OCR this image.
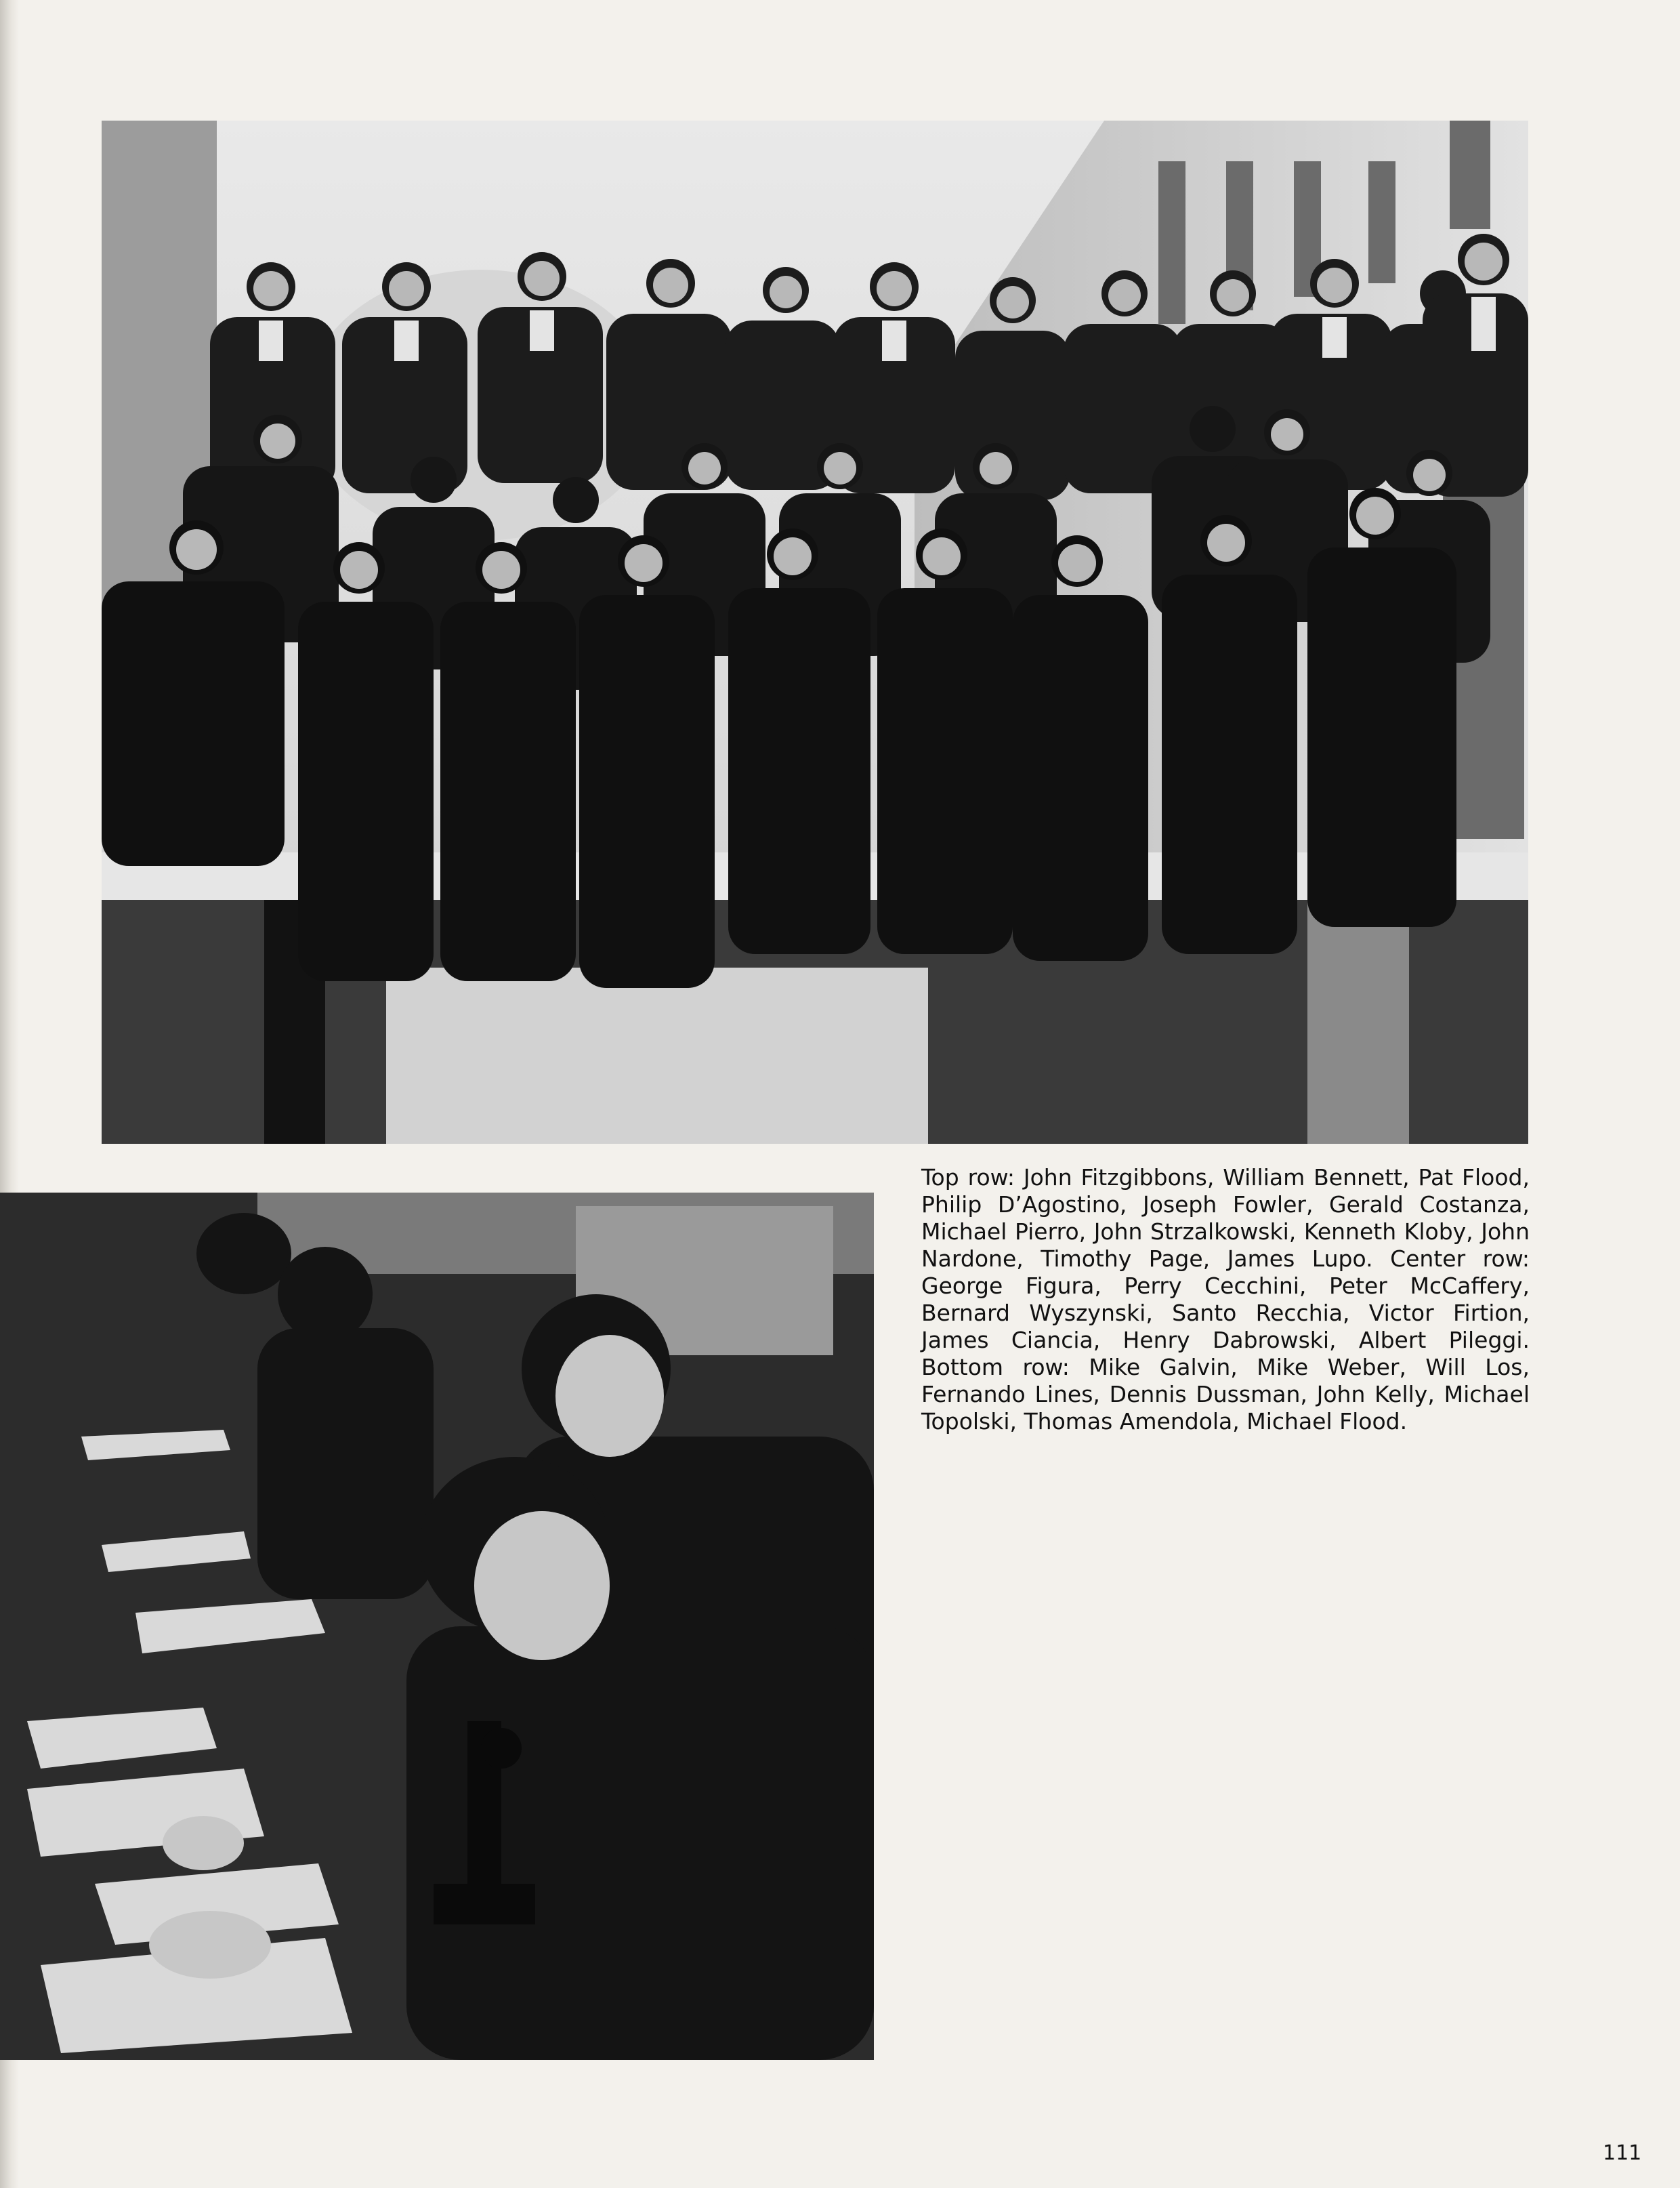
Top row: John Fitzgibbons, William Bennett, Pat Flood, Philip D’Agostino, Joseph Fowler, Gerald Costanza, Michael Pierro, John Strzalkowski, Kenneth Kloby, John Nardone, Timothy Page, James Lupo. Center row: George Figura, Perry Cecchini, Peter McCaffery, Bernard Wyszynski, Santo Recchia, Victor Firtion, James Ciancia, Henry Dabrowski, Albert Pileggi. Bottom row: Mike Galvin, Mike Weber, Will Los, Fernando Lines, Dennis Dussman, John Kelly, Michael Topolski, Thomas Amendola, Michael Flood.
111
